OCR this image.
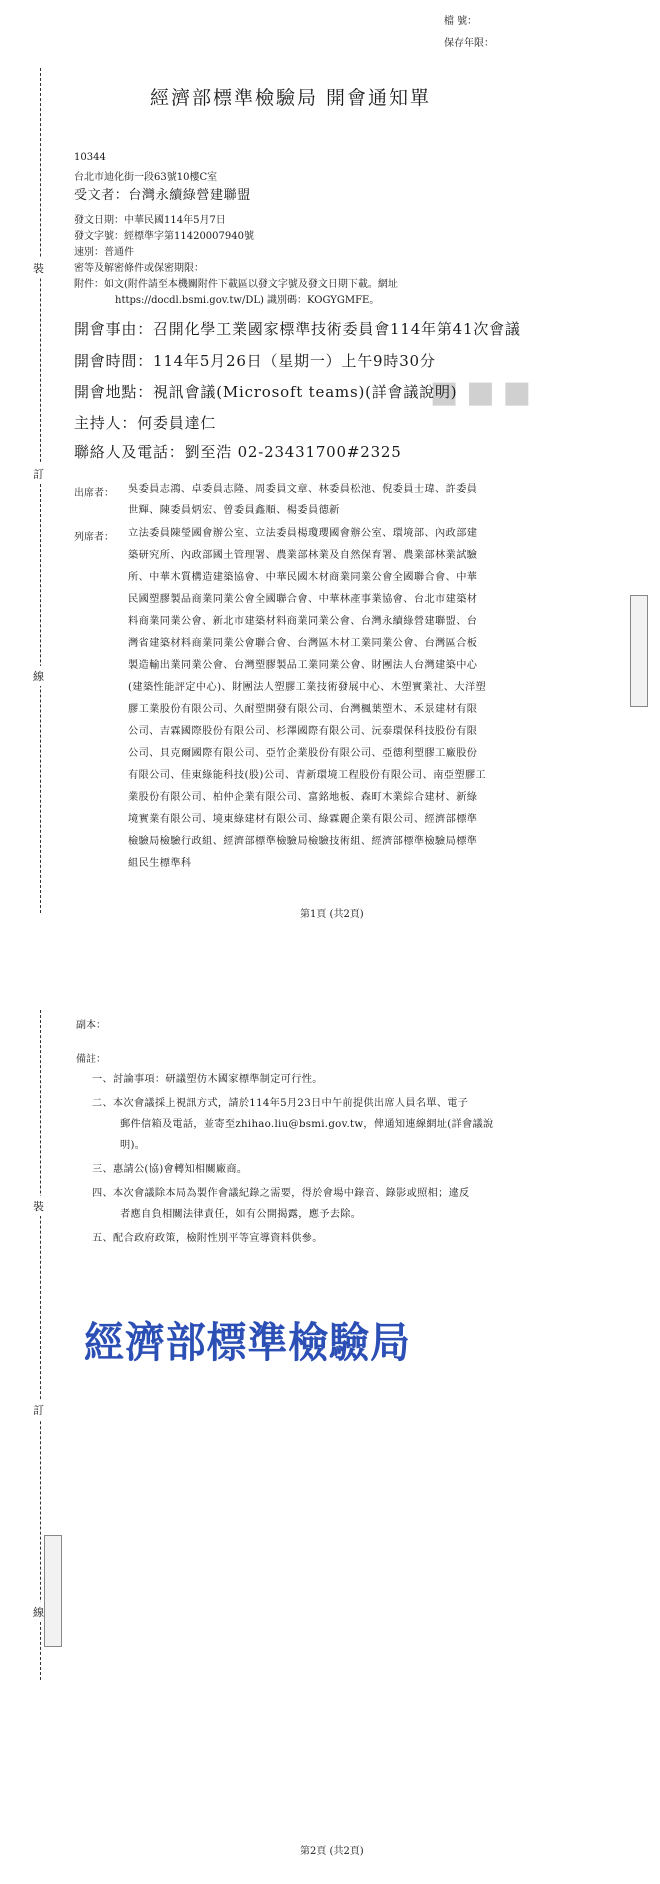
檔 號：
保存年限：
裝
訂
線
經濟部標準檢驗局 開會通知單
■■■
10344
台北市迪化街一段63號10樓C室
受文者：台灣永續綠營建聯盟
發文日期：中華民國114年5月7日
發文字號：經標準字第11420007940號
速別：普通件
密等及解密條件或保密期限：
附件：如文(附件請至本機關附件下載區以發文字號及發文日期下載。網址
https://docdl.bsmi.gov.tw/DL) 識別碼：KOGYGMFE。
開會事由：召開化學工業國家標準技術委員會114年第41次會議
開會時間：114年5月26日（星期一）上午9時30分
開會地點：視訊會議(Microsoft teams)(詳會議說明)
主持人：何委員達仁
聯絡人及電話：劉至浩 02-23431700#2325
出席者： 吳委員志鴻、卓委員志隆、周委員文章、林委員松池、倪委員士瑋、許委員
世輝、陳委員炳宏、曾委員鑫順、楊委員德新
列席者： 立法委員陳瑩國會辦公室、立法委員楊瓊瓔國會辦公室、環境部、內政部建
築研究所、內政部國土管理署、農業部林業及自然保育署、農業部林業試驗
所、中華木質構造建築協會、中華民國木材商業同業公會全國聯合會、中華
民國塑膠製品商業同業公會全國聯合會、中華林產事業協會、台北市建築材
料商業同業公會、新北市建築材料商業同業公會、台灣永續綠營建聯盟、台
灣省建築材料商業同業公會聯合會、台灣區木材工業同業公會、台灣區合板
製造輸出業同業公會、台灣塑膠製品工業同業公會、財團法人台灣建築中心
(建築性能評定中心)、財團法人塑膠工業技術發展中心、木塑實業社、大洋塑
膠工業股份有限公司、久耐塑開發有限公司、台灣楓葉塑木、禾景建材有限
公司、吉霖國際股份有限公司、杉澤國際有限公司、沅泰環保科技股份有限
公司、貝克爾國際有限公司、亞竹企業股份有限公司、亞德利塑膠工廠股份
有限公司、佳東綠能科技(股)公司、青新環境工程股份有限公司、南亞塑膠工
業股份有限公司、柏仲企業有限公司、富銘地板、森町木業綜合建材、新綠
境實業有限公司、境東綠建材有限公司、綠霖麗企業有限公司、經濟部標準
檢驗局檢驗行政組、經濟部標準檢驗局檢驗技術組、經濟部標準檢驗局標準
組民生標準科
第1頁 (共2頁)
裝
訂
線
副本：
備註：
一、討論事項：研議塑仿木國家標準制定可行性。
二、本次會議採上視訊方式，請於114年5月23日中午前提供出席人員名單、電子
郵件信箱及電話，並寄至zhihao.liu@bsmi.gov.tw，俾通知連線網址(詳會議說
明)。
三、惠請公(協)會轉知相關廠商。
四、本次會議除本局為製作會議紀錄之需要，得於會場中錄音、錄影或照相；違反
者應自負相關法律責任，如有公開揭露，應予去除。
五、配合政府政策，檢附性別平等宣導資料供參。
經濟部標準檢驗局
第2頁 (共2頁)
